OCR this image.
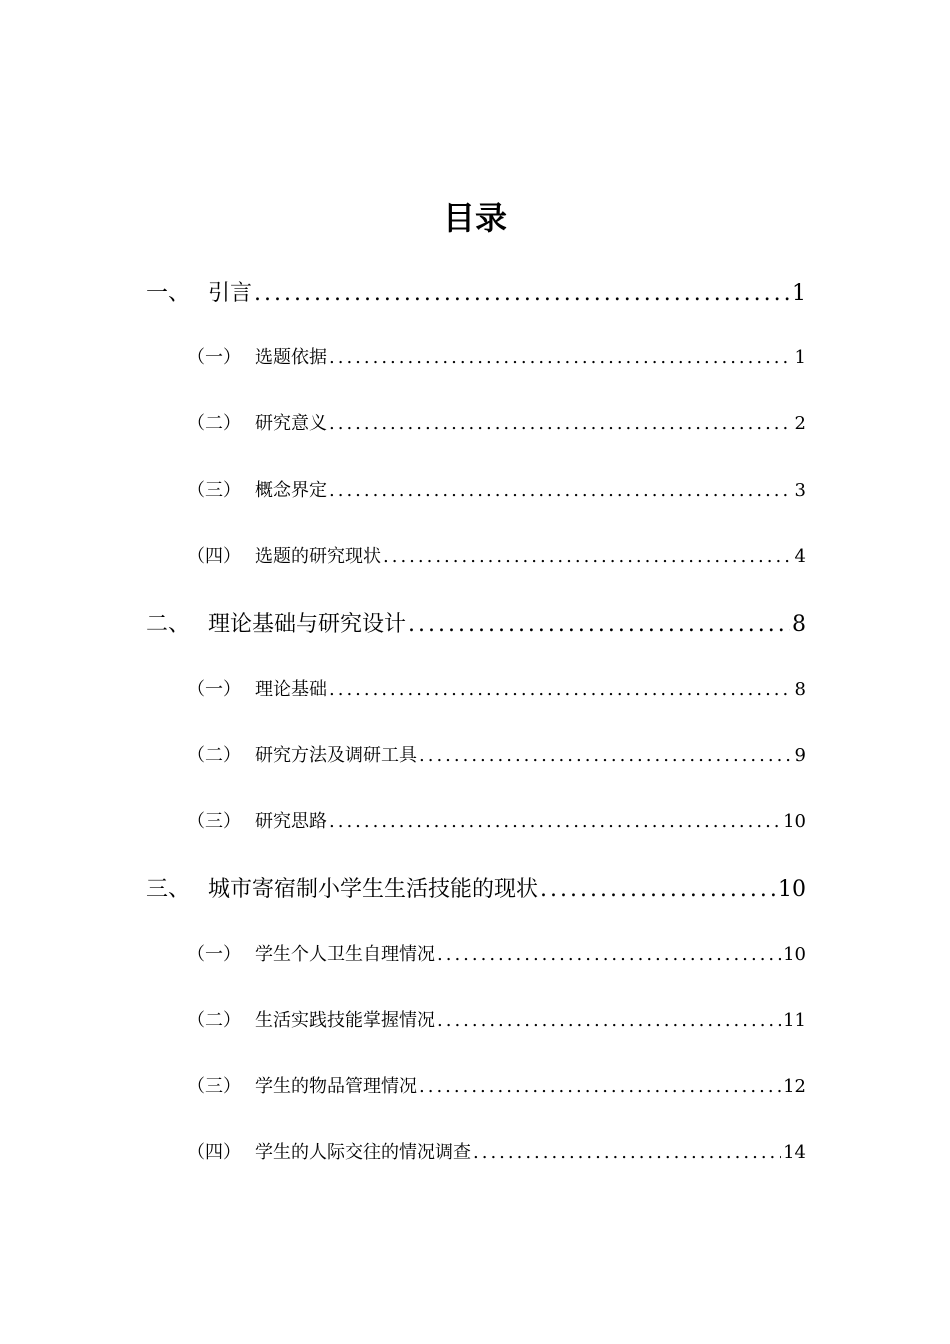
目录
一、 引言 .....	1
（一） 选题依据 .....	1
（二） 研究意义 .....	2
（三） 概念界定 .....	3
（四） 选题的研究现状 .....	4
二、 理论基础与研究设计 .....	8
（一） 理论基础 .....	8
（二） 研究方法及调研工具 .....	9
（三） 研究思路 .....	10
三、 城市寄宿制小学生生活技能的现状 .....	10
（一） 学生个人卫生自理情况 .....	10
（二） 生活实践技能掌握情况 .....	11
（三） 学生的物品管理情况 .....	12
（四） 学生的人际交往的情况调查 .....	14
